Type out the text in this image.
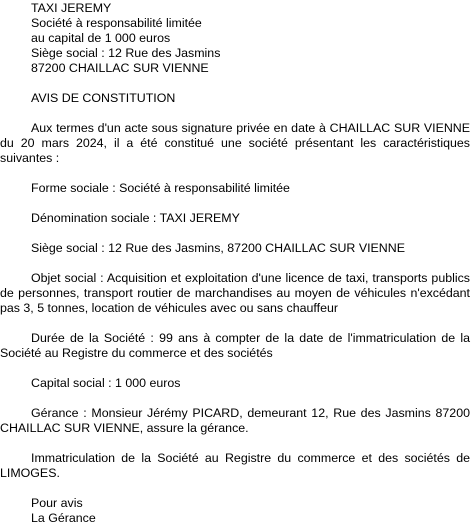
TAXI JEREMY

Société à responsabilité limitée

au capital de 1 000 euros

Siège social : 12 Rue des Jasmins

87200 CHAILLAC SUR VIENNE

AVIS DE CONSTITUTION

Aux termes d'un acte sous signature privée en date à CHAILLAC SUR VIENNE du 20 mars 2024, il a été constitué une société présentant les caractéristiques suivantes :

Forme sociale : Société à responsabilité limitée

Dénomination sociale : TAXI JEREMY

Siège social : 12 Rue des Jasmins, 87200 CHAILLAC SUR VIENNE

Objet social : Acquisition et exploitation d'une licence de taxi, transports publics de personnes, transport routier de marchandises au moyen de véhicules n'excédant pas 3, 5 tonnes, location de véhicules avec ou sans chauffeur

Durée de la Société : 99 ans à compter de la date de l'immatriculation de la Société au Registre du commerce et des sociétés

Capital social : 1 000 euros

Gérance : Monsieur Jérémy PICARD, demeurant 12, Rue des Jasmins 87200 CHAILLAC SUR VIENNE, assure la gérance.

Immatriculation de la Société au Registre du commerce et des sociétés de LIMOGES.

Pour avis

La Gérance
